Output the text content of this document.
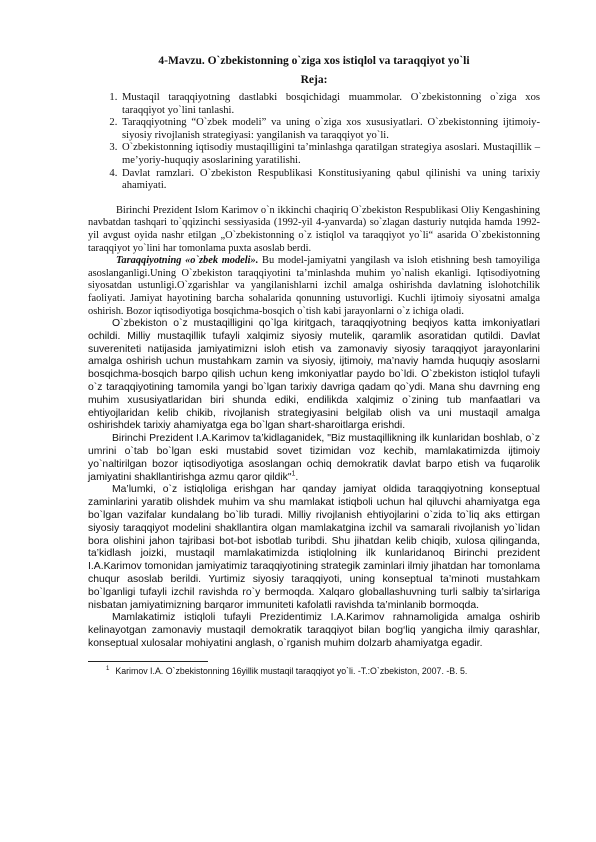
4-Mavzu. O`zbekistonning o`ziga xos istiqlol va taraqqiyot yo`li
Reja:
1. Mustaqil taraqqiyotning dastlabki bosqichidagi muammolar. O`zbekistonning o`ziga xos taraqqiyot yo`lini tanlashi.
2. Taraqqiyotning “O`zbek modeli” va uning o`ziga xos xususiyatlari. O`zbekistonning ijtimoiy-siyosiy rivojlanish strategiyasi: yangilanish va taraqqiyot yo`li.
3. O`zbekistonning iqtisodiy mustaqilligini ta’minlashga qaratilgan strategiya asoslari. Mustaqillik – me’yoriy-huquqiy asoslarining yaratilishi.
4. Davlat ramzlari. O`zbekiston Respublikasi Konstitusiyaning qabul qilinishi va uning tarixiy ahamiyati.

Birinchi Prezident Islom Karimov o`n ikkinchi chaqiriq O`zbekiston Respublikasi Oliy Kengashining navbatdan tashqari to`qqizinchi sessiyasida (1992-yil 4-yanvarda) so`zlagan dasturiy nutqida hamda 1992-yil avgust oyida nashr etilgan „O`zbekistonning o`z istiqlol va taraqqiyot yo`li“ asarida O`zbekistonning taraqqiyot yo`lini har tomonlama puxta asoslab berdi.

Taraqqiyotning «o`zbek modeli». Bu model-jamiyatni yangilash va isloh etishning besh tamoyiliga asoslanganligi.Uning O`zbekiston taraqqiyotini ta’minlashda muhim yo`nalish ekanligi. Iqtisodiyotning siyosatdan ustunligi.O`zgarishlar va yangilanishlarni izchil amalga oshirishda davlatning islohotchilik faoliyati. Jamiyat hayotining barcha sohalarida qonunning ustuvorligi. Kuchli ijtimoiy siyosatni amalga oshirish. Bozor iqtisodiyotiga bosqichma-bosqich o`tish kabi jarayonlarni o`z ichiga oladi.

O`zbekiston o`z mustaqilligini qo`lga kiritgach, taraqqiyotning beqiyos katta imkoniyatlari ochildi. Milliy mustaqillik tufayli xalqimiz siyosiy mutelik, qaramlik asoratidan qutildi. Davlat suvereniteti natijasida jamiyatimizni isloh etish va zamonaviy siyosiy taraqqiyot jarayonlarini amalga oshirish uchun mustahkam zamin va siyosiy, ijtimoiy, ma’naviy hamda huquqiy asoslarni bosqichma-bosqich barpo qilish uchun keng imkoniyatlar paydo bo`ldi. O`zbekiston istiqlol tufayli o`z taraqqiyotining tamomila yangi bo`lgan tarixiy davriga qadam qo`ydi. Mana shu davrning eng muhim xususiyatlaridan biri shunda ediki, endilikda xalqimiz o`zining tub manfaatlari va ehtiyojlaridan kelib chikib, rivojlanish strategiyasini belgilab olish va uni mustaqil amalga oshirishdek tarixiy ahamiyatga ega bo`lgan shart-sharoitlarga erishdi.

Birinchi Prezident I.A.Karimov ta’kidlaganidek, "Biz mustaqillikning ilk kunlaridan boshlab, o`z umrini o`tab bo`lgan eski mustabid sovet tizimidan voz kechib, mamlakatimizda ijtimoiy yo`naltirilgan bozor iqtisodiyotiga asoslangan ochiq demokratik davlat barpo etish va fuqarolik jamiyatini shakllantirishga azmu qaror qildik"$^1$.

Ma’lumki, o`z istiqloliga erishgan har qanday jamiyat oldida taraqqiyotning konseptual zaminlarini yaratib olishdek muhim va shu mamlakat istiqboli uchun hal qiluvchi ahamiyatga ega bo`lgan vazifalar kundalang bo`lib turadi. Milliy rivojlanish ehtiyojlarini o`zida to`liq aks ettirgan siyosiy taraqqiyot modelini shakllantira olgan mamlakatgina izchil va samarali rivojlanish yo`lidan bora olishini jahon tajribasi bot-bot isbotlab turibdi. Shu jihatdan kelib chiqib, xulosa qilinganda, ta’kidlash joizki, mustaqil mamlakatimizda istiqlolning ilk kunlaridanoq Birinchi prezident I.A.Karimov tomonidan jamiyatimiz taraqqiyotining strategik zaminlari ilmiy jihatdan har tomonlama chuqur asoslab berildi. Yurtimiz siyosiy taraqqiyoti, uning konseptual ta’minoti mustahkam bo`lganligi tufayli izchil ravishda ro`y bermoqda. Xalqaro globallashuvning turli salbiy ta’sirlariga nisbatan jamiyatimizning barqaror immuniteti kafolatli ravishda ta’minlanib bormoqda.

Mamlakatimiz istiqloli tufayli Prezidentimiz I.A.Karimov rahnamoligida amalga oshirib kelinayotgan zamonaviy mustaqil demokratik taraqqiyot bilan bog‘liq yangicha ilmiy qarashlar, konseptual xulosalar mohiyatini anglash, o`rganish muhim dolzarb ahamiyatga egadir.

$^1$ Karimov I.A. O`zbekistonning 16yillik mustaqil taraqqiyot yo`li. -T.:O`zbekiston, 2007. -B. 5.
